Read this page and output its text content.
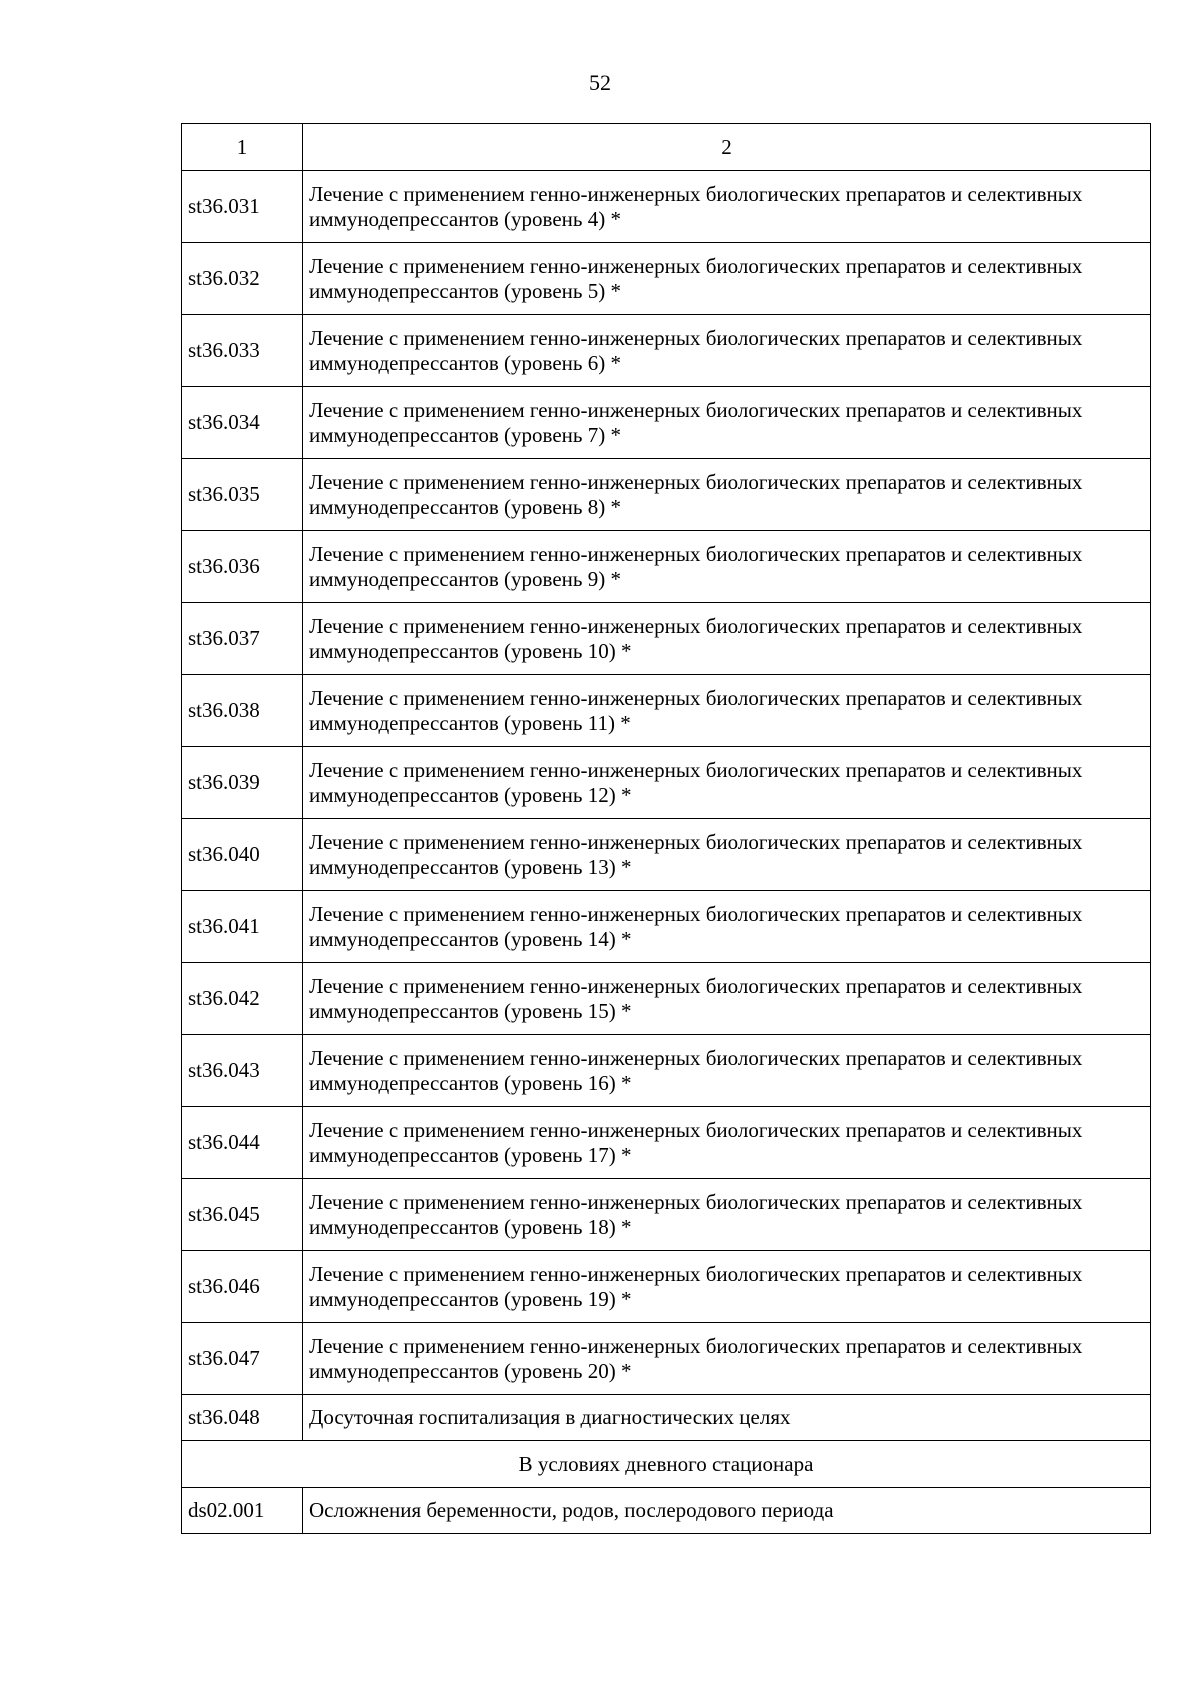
52
1	2
st36.031	Лечение с применением генно-инженерных биологических препаратов и селективных иммунодепрессантов (уровень 4) *
st36.032	Лечение с применением генно-инженерных биологических препаратов и селективных иммунодепрессантов (уровень 5) *
st36.033	Лечение с применением генно-инженерных биологических препаратов и селективных иммунодепрессантов (уровень 6) *
st36.034	Лечение с применением генно-инженерных биологических препаратов и селективных иммунодепрессантов (уровень 7) *
st36.035	Лечение с применением генно-инженерных биологических препаратов и селективных иммунодепрессантов (уровень 8) *
st36.036	Лечение с применением генно-инженерных биологических препаратов и селективных иммунодепрессантов (уровень 9) *
st36.037	Лечение с применением генно-инженерных биологических препаратов и селективных иммунодепрессантов (уровень 10) *
st36.038	Лечение с применением генно-инженерных биологических препаратов и селективных иммунодепрессантов (уровень 11) *
st36.039	Лечение с применением генно-инженерных биологических препаратов и селективных иммунодепрессантов (уровень 12) *
st36.040	Лечение с применением генно-инженерных биологических препаратов и селективных иммунодепрессантов (уровень 13) *
st36.041	Лечение с применением генно-инженерных биологических препаратов и селективных иммунодепрессантов (уровень 14) *
st36.042	Лечение с применением генно-инженерных биологических препаратов и селективных иммунодепрессантов (уровень 15) *
st36.043	Лечение с применением генно-инженерных биологических препаратов и селективных иммунодепрессантов (уровень 16) *
st36.044	Лечение с применением генно-инженерных биологических препаратов и селективных иммунодепрессантов (уровень 17) *
st36.045	Лечение с применением генно-инженерных биологических препаратов и селективных иммунодепрессантов (уровень 18) *
st36.046	Лечение с применением генно-инженерных биологических препаратов и селективных иммунодепрессантов (уровень 19) *
st36.047	Лечение с применением генно-инженерных биологических препаратов и селективных иммунодепрессантов (уровень 20) *
st36.048	Досуточная госпитализация в диагностических целях
В условиях дневного стационара	
ds02.001	Осложнения беременности, родов, послеродового периода
